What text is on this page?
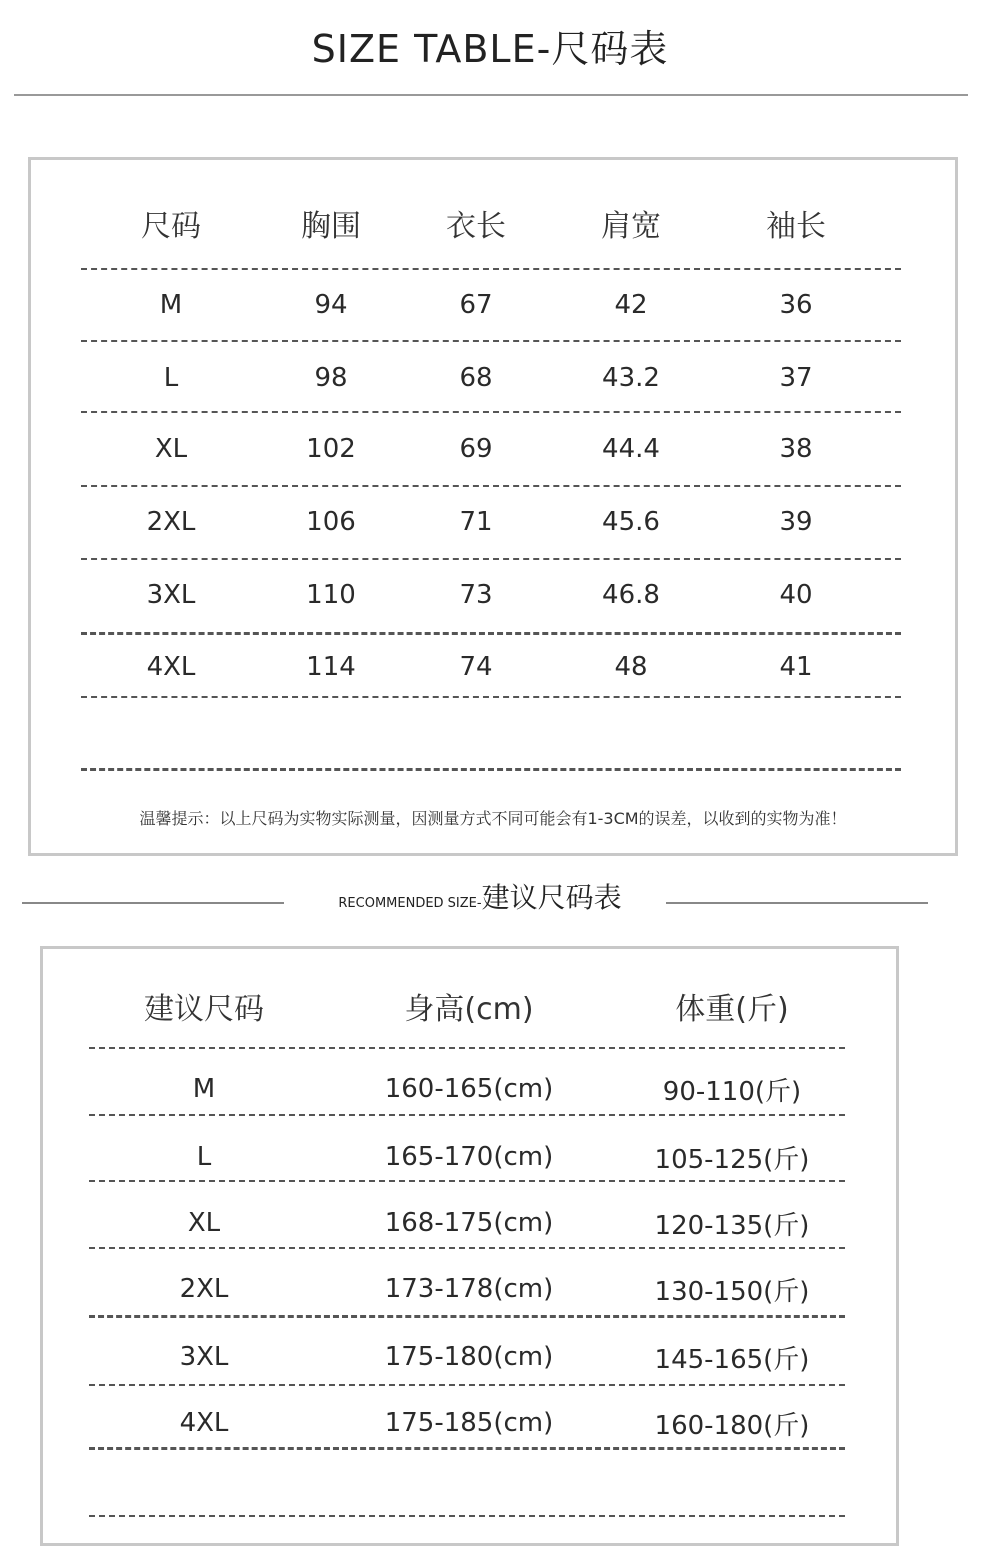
SIZE TABLE-尺码表
尺码	胸围	衣长	肩宽	袖长
M	94	67	42	36
L	98	68	43.2	37
XL	102	69	44.4	38
2XL	106	71	45.6	39
3XL	110	73	46.8	40
4XL	114	74	48	41
温馨提示：以上尺码为实物实际测量，因测量方式不同可能会有1-3CM的误差，以收到的实物为准！
RECOMMENDED SIZE-建议尺码表
建议尺码	身高(cm)	体重(斤)
M	160-165(cm)	90-110(斤)
L	165-170(cm)	105-125(斤)
XL	168-175(cm)	120-135(斤)
2XL	173-178(cm)	130-150(斤)
3XL	175-180(cm)	145-165(斤)
4XL	175-185(cm)	160-180(斤)
